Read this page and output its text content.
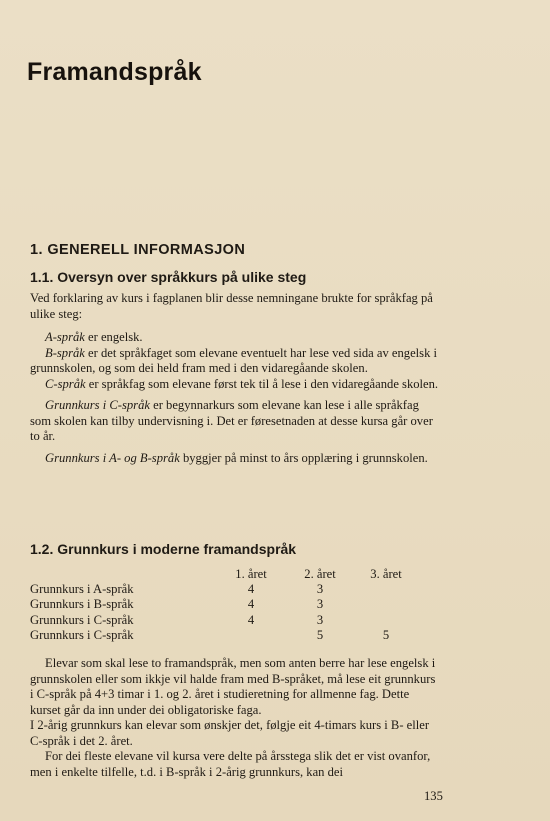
Framandspråk
1. GENERELL INFORMASJON
1.1. Oversyn over språkkurs på ulike steg

Ved forklaring av kurs i fagplanen blir desse nemningane brukte for språkfag på ulike steg:

A-språk er engelsk.

B-språk er det språkfaget som elevane eventuelt har lese ved sida av engelsk i grunnskolen, og som dei held fram med i den vidaregåande skolen.

C-språk er språkfag som elevane først tek til å lese i den vidaregåande skolen.

Grunnkurs i C-språk er begynnarkurs som elevane kan lese i alle språkfag som skolen kan tilby undervisning i. Det er føresetnaden at desse kursa går over to år.

Grunnkurs i A- og B-språk byggjer på minst to års opplæring i grunnskolen.

1.2. Grunnkurs i moderne framandspråk
	1. året	2. året	3. året
Grunnkurs i A-språk	4	3	
Grunnkurs i B-språk	4	3	
Grunnkurs i C-språk	4	3	
Grunnkurs i C-språk		5	5

Elevar som skal lese to framandspråk, men som anten berre har lese engelsk i grunnskolen eller som ikkje vil halde fram med B-språket, må lese eit grunnkurs i C-språk på 4+3 timar i 1. og 2. året i studieretning for allmenne fag. Dette kurset går da inn under dei obligatoriske faga.

I 2-årig grunnkurs kan elevar som ønskjer det, følgje eit 4-timars kurs i B- eller C-språk i det 2. året.

For dei fleste elevane vil kursa vere delte på årsstega slik det er vist ovanfor, men i enkelte tilfelle, t.d. i B-språk i 2-årig grunnkurs, kan dei

135
